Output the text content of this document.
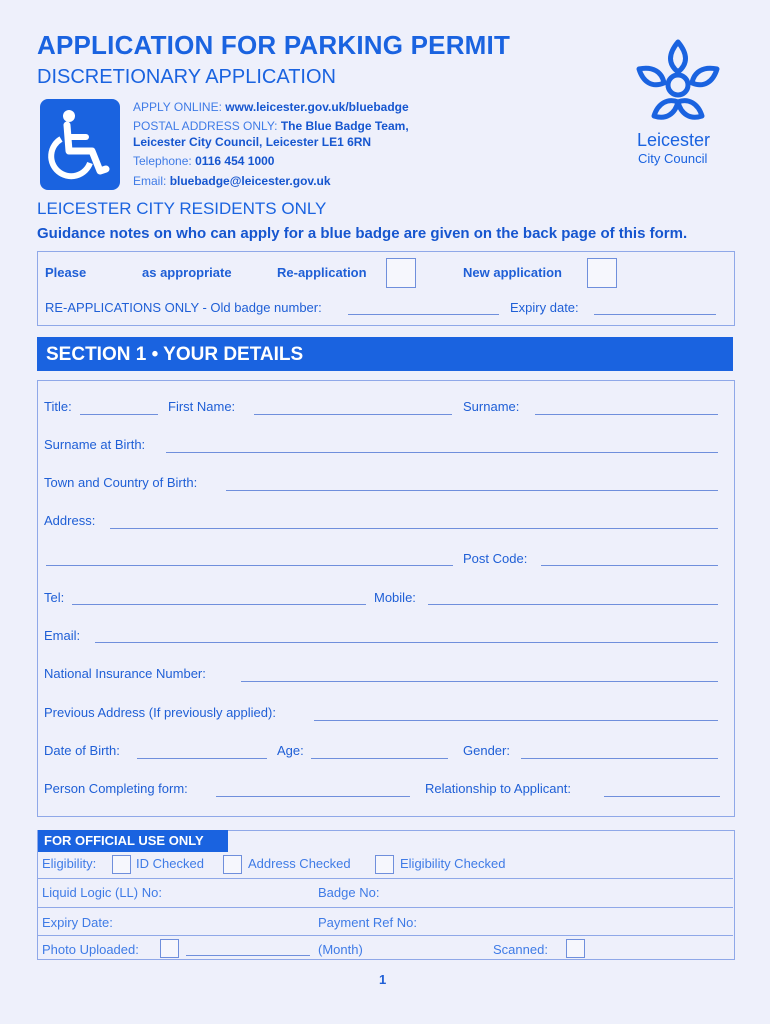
APPLICATION FOR PARKING PERMIT
DISCRETIONARY APPLICATION
APPLY ONLINE: www.leicester.gov.uk/bluebadge
POSTAL ADDRESS ONLY: The Blue Badge Team,
Leicester City Council, Leicester LE1 6RN
Telephone: 0116 454 1000
Email: bluebadge@leicester.gov.uk
Leicester
City Council
LEICESTER CITY RESIDENTS ONLY
Guidance notes on who can apply for a blue badge are given on the back page of this form.
Please	as appropriate	Re-application	New application
RE-APPLICATIONS ONLY - Old badge number:	Expiry date:
SECTION 1 • YOUR DETAILS
Title:	First Name:	Surname:
Surname at Birth:
Town and Country of Birth:
Address:
Post Code:
Tel:	Mobile:
Email:
National Insurance Number:
Previous Address (If previously applied):
Date of Birth:	Age:	Gender:
Person Completing form:	Relationship to Applicant:
FOR OFFICIAL USE ONLY
Eligibility:	ID Checked	Address Checked	Eligibility Checked
Liquid Logic (LL) No:	Badge No:
Expiry Date:	Payment Ref No:
Photo Uploaded:	(Month)	Scanned:
1
